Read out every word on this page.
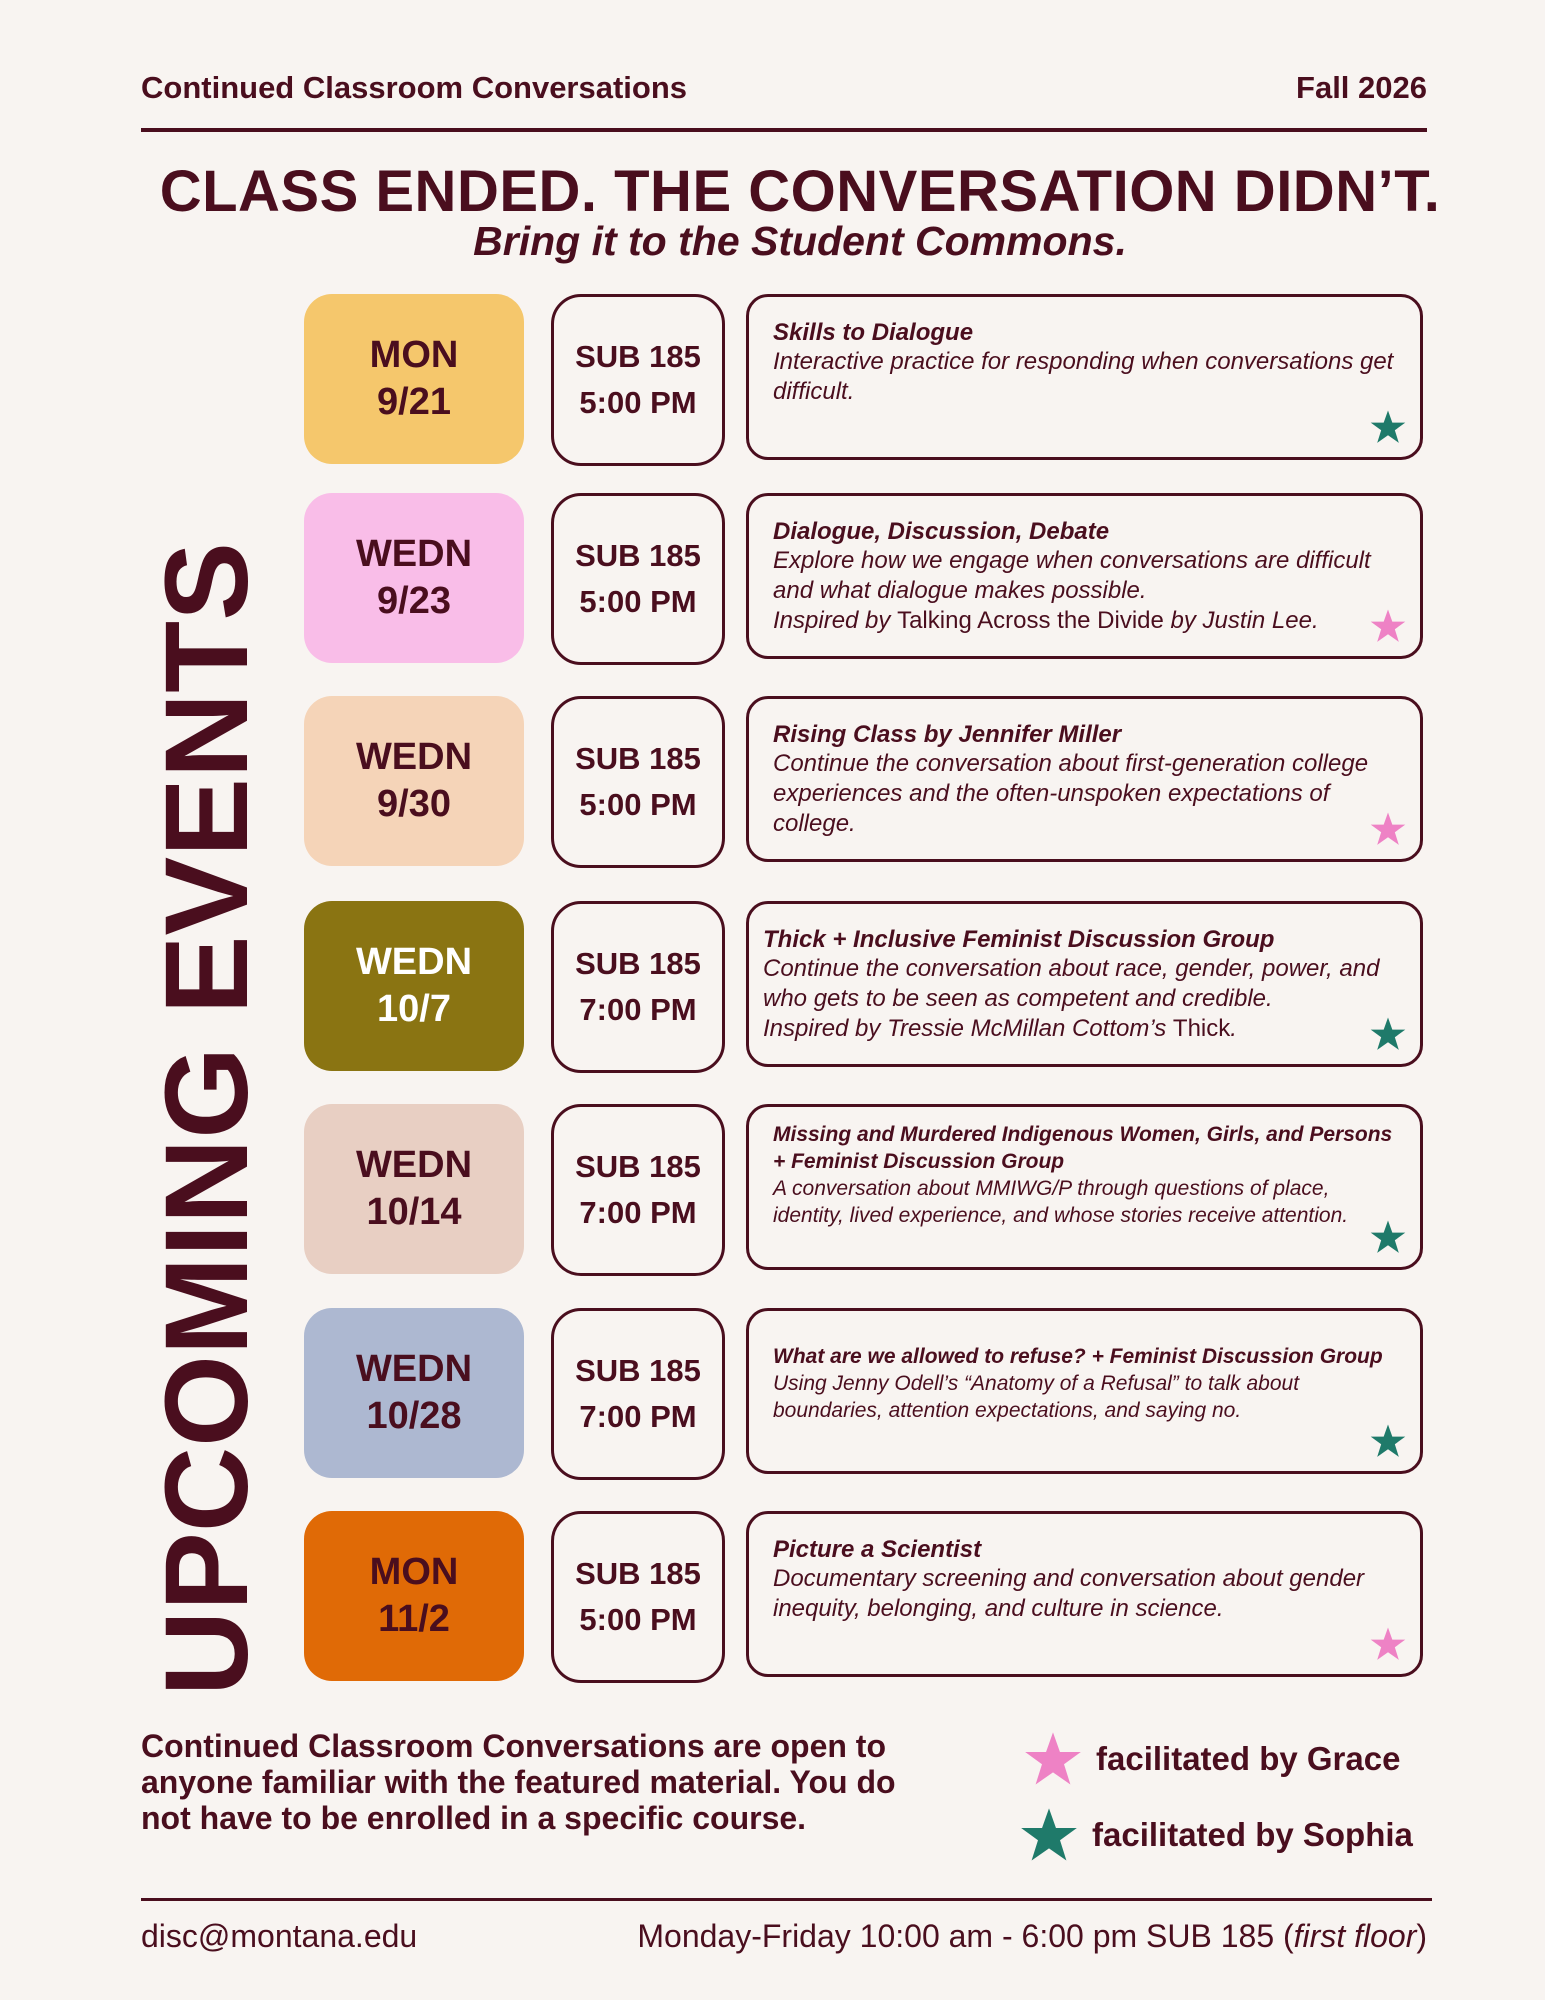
Continued Classroom Conversations	Fall 2026
CLASS ENDED. THE CONVERSATION DIDN’T.
Bring it to the Student Commons.
UPCOMING EVENTS
MON
9/21
SUB 185
5:00 PM
Skills to Dialogue
Interactive practice for responding when conversations get difficult.
WEDN
9/23
SUB 185
5:00 PM
Dialogue, Discussion, Debate
Explore how we engage when conversations are difficult and what dialogue makes possible.
Inspired by Talking Across the Divide by Justin Lee.
WEDN
9/30
SUB 185
5:00 PM
Rising Class by Jennifer Miller
Continue the conversation about first-generation college experiences and the often-unspoken expectations of college.
WEDN
10/7
SUB 185
7:00 PM
Thick + Inclusive Feminist Discussion Group
Continue the conversation about race, gender, power, and who gets to be seen as competent and credible.
Inspired by Tressie McMillan Cottom’s Thick.
WEDN
10/14
SUB 185
7:00 PM
Missing and Murdered Indigenous Women, Girls, and Persons + Feminist Discussion Group
A conversation about MMIWG/P through questions of place, identity, lived experience, and whose stories receive attention.
WEDN
10/28
SUB 185
7:00 PM
What are we allowed to refuse? + Feminist Discussion Group
Using Jenny Odell’s “Anatomy of a Refusal” to talk about boundaries, attention expectations, and saying no.
MON
11/2
SUB 185
5:00 PM
Picture a Scientist
Documentary screening and conversation about gender inequity, belonging, and culture in science.
Continued Classroom Conversations are open to anyone familiar with the featured material. You do not have to be enrolled in a specific course.
facilitated by Grace
facilitated by Sophia
disc@montana.edu	Monday-Friday 10:00 am - 6:00 pm SUB 185 (first floor)
